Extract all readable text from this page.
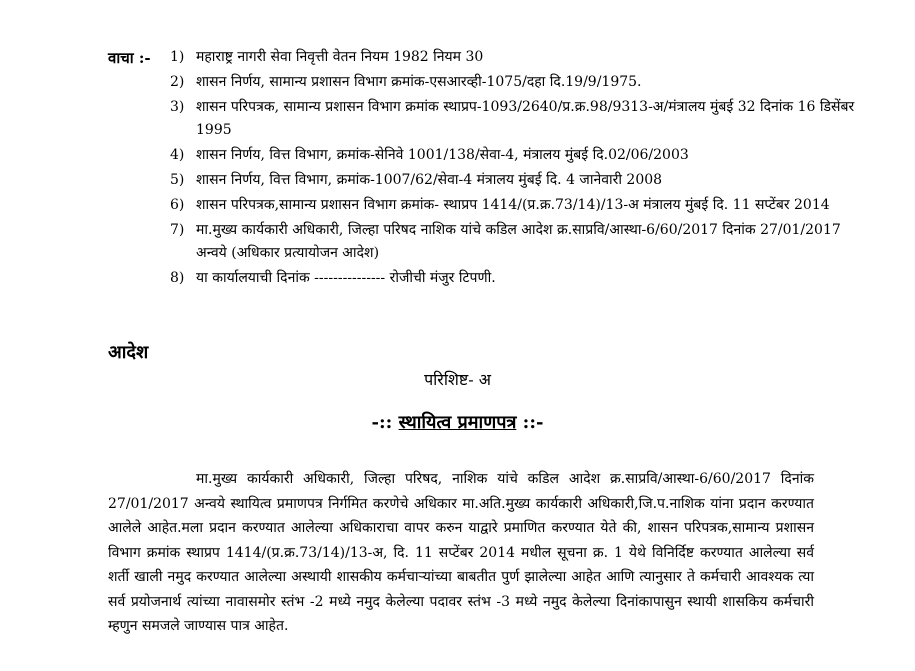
वाचा :- 1) महाराष्ट्र नागरी सेवा निवृत्ती वेतन नियम 1982 नियम 30
2) शासन निर्णय, सामान्य प्रशासन विभाग क्रमांक-एसआरव्ही-1075/दहा दि.19/9/1975.
3) शासन परिपत्रक, सामान्य प्रशासन विभाग क्रमांक स्थाप्रप-1093/2640/प्र.क्र.98/9313-अ/मंत्रालय मुंबई 32 दिनांक 16 डिसेंबर 1995
4) शासन निर्णय, वित्त विभाग, क्रमांक-सेनिवे 1001/138/सेवा-4, मंत्रालय मुंबई दि.02/06/2003
5) शासन निर्णय, वित्त विभाग, क्रमांक-1007/62/सेवा-4 मंत्रालय मुंबई दि. 4 जानेवारी 2008
6) शासन परिपत्रक,सामान्य प्रशासन विभाग क्रमांक- स्थाप्रप 1414/(प्र.क्र.73/14)/13-अ मंत्रालय मुंबई दि. 11 सप्टेंबर 2014
7) मा.मुख्य कार्यकारी अधिकारी, जिल्हा परिषद नाशिक यांचे कडिल आदेश क्र.साप्रवि/आस्था-6/60/2017 दिनांक 27/01/2017 अन्वये (अधिकार प्रत्यायोजन आदेश)
8) या कार्यालयाची दिनांक --------------- रोजीची मंजुर टिपणी.
आदेश
परिशिष्ट- अ
-:: स्थायित्व प्रमाणपत्र ::-
मा.मुख्य कार्यकारी अधिकारी, जिल्हा परिषद, नाशिक यांचे कडिल आदेश क्र.साप्रवि/आस्था-6/60/2017 दिनांक 27/01/2017 अन्वये स्थायित्व प्रमाणपत्र निर्गमित करणेचे अधिकार मा.अति.मुख्य कार्यकारी अधिकारी,जि.प.नाशिक यांना प्रदान करण्यात आलेले आहेत.मला प्रदान करण्यात आलेल्या अधिकाराचा वापर करुन याद्वारे प्रमाणित करण्यात येते की, शासन परिपत्रक,सामान्य प्रशासन विभाग क्रमांक स्थाप्रप 1414/(प्र.क्र.73/14)/13-अ, दि. 11 सप्टेंबर 2014 मधील सूचना क्र. 1 येथे विनिर्दिष्ट करण्यात आलेल्या सर्व शर्ती खाली नमुद करण्यात आलेल्या अस्थायी शासकीय कर्मचाऱ्यांच्या बाबतीत पुर्ण झालेल्या आहेत आणि त्यानुसार ते कर्मचारी आवश्यक त्या सर्व प्रयोजनार्थ त्यांच्या नावासमोर स्तंभ -2 मध्ये नमुद केलेल्या पदावर स्तंभ -3 मध्ये नमुद केलेल्या दिनांकापासुन स्थायी शासकिय कर्मचारी म्हणुन समजले जाण्यास पात्र आहेत.
